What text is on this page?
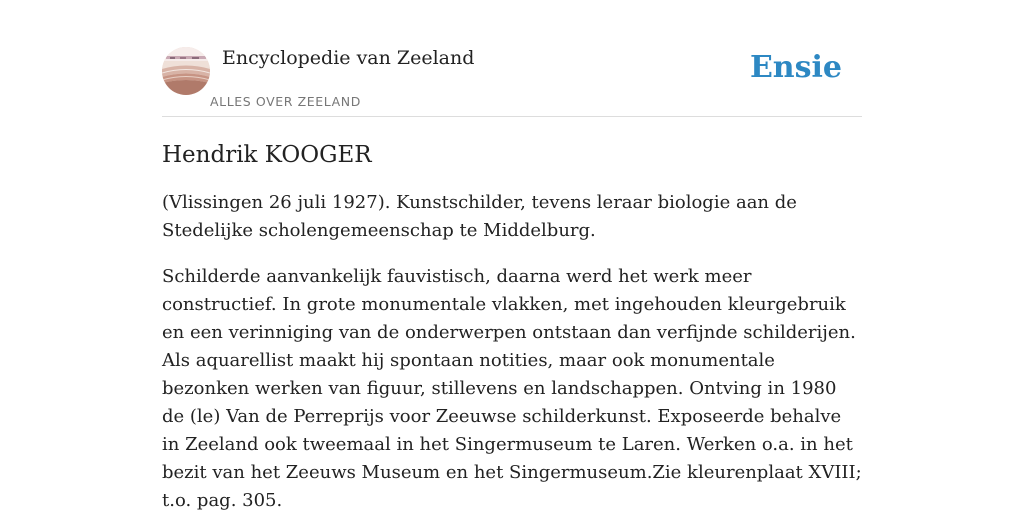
Encyclopedie van Zeeland
ALLES OVER ZEELAND
Ensie
Hendrik KOOGER

(Vlissingen 26 juli 1927). Kunstschilder, tevens leraar biologie aan de Stedelijke scholengemeenschap te Middelburg.

Schilderde aanvankelijk fauvistisch, daarna werd het werk meer constructief. In grote monumentale vlakken, met ingehouden kleurgebruik en een verinniging van de onderwerpen ontstaan dan verfijnde schilderijen. Als aquarellist maakt hij spontaan notities, maar ook monumentale bezonken werken van figuur, stillevens en landschappen. Ontving in 1980 de (le) Van de Perreprijs voor Zeeuwse schilderkunst. Exposeerde behalve in Zeeland ook tweemaal in het Singermuseum te Laren. Werken o.a. in het bezit van het Zeeuws Museum en het Singermuseum.Zie kleurenplaat XVIII; t.o. pag. 305.
